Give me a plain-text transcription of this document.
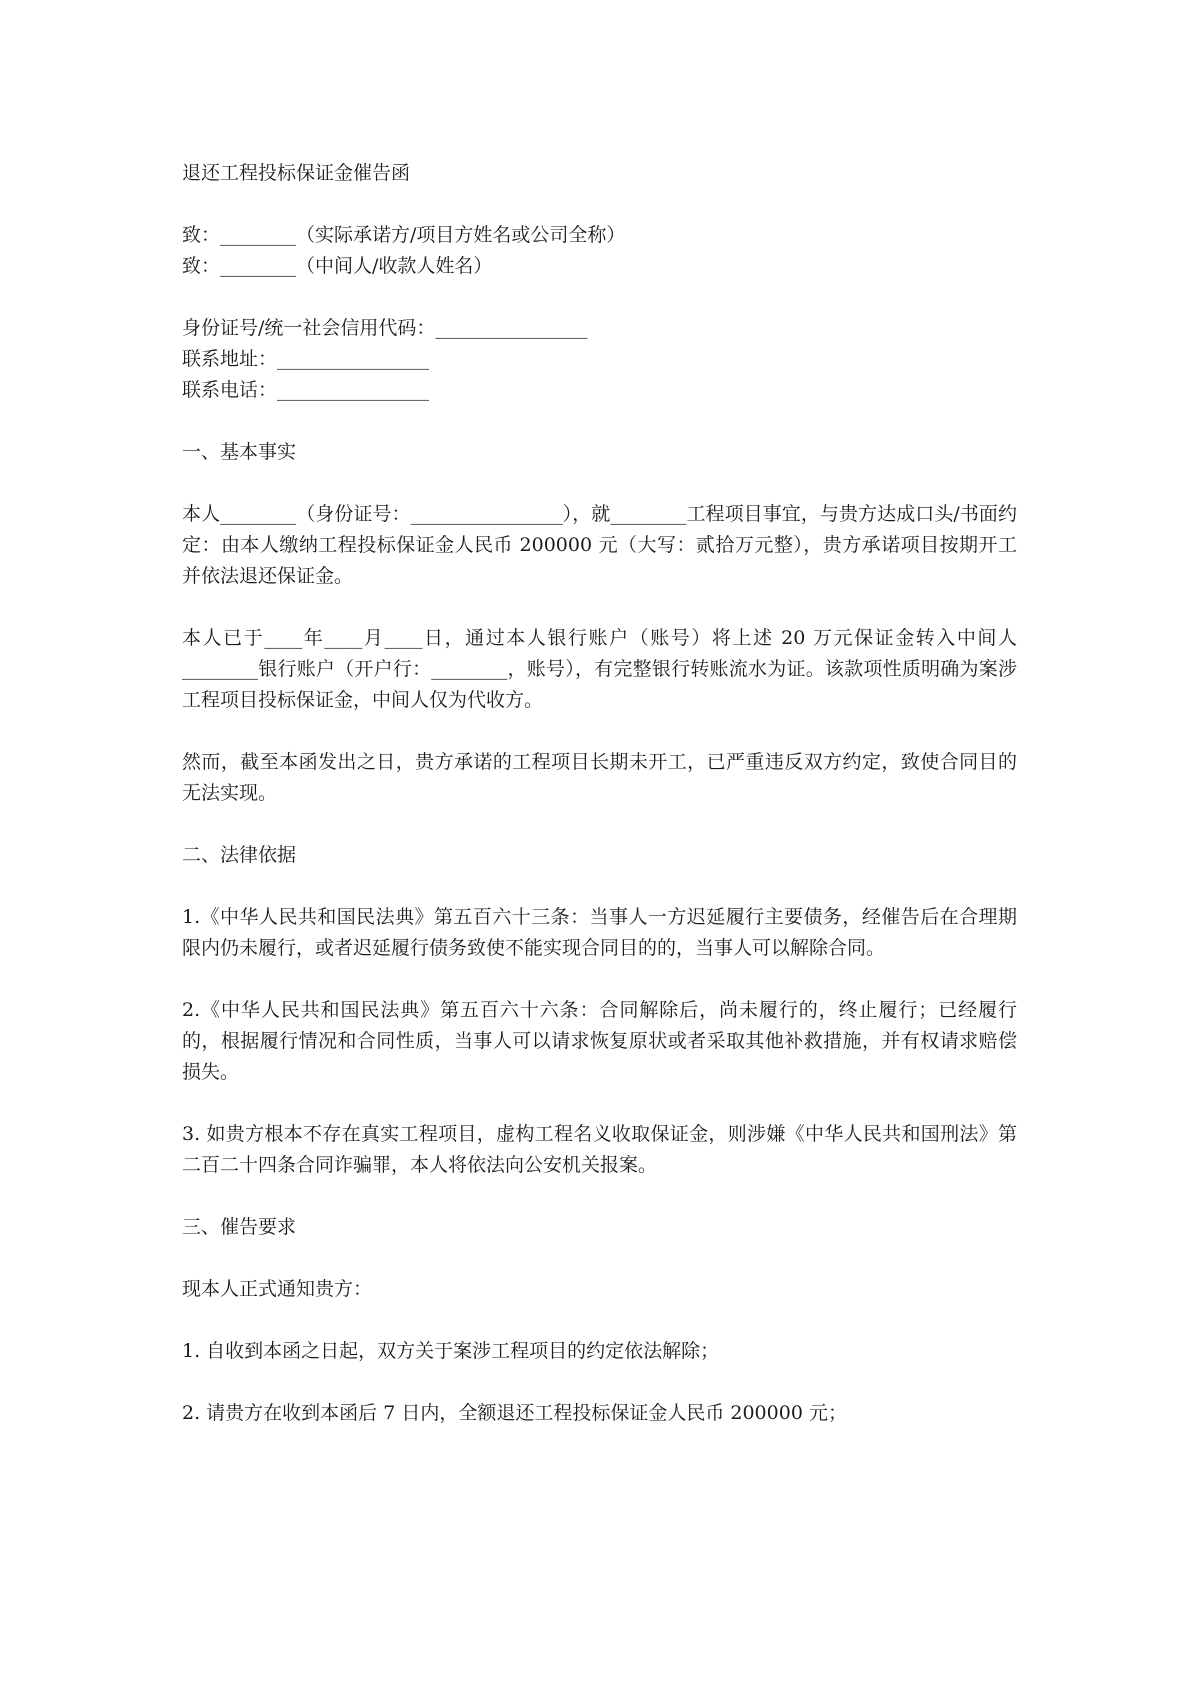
退还工程投标保证金催告函
致：________（实际承诺方/项目方姓名或公司全称）
致：________（中间人/收款人姓名）
身份证号/统一社会信用代码：________________
联系地址：________________
联系电话：________________
一、基本事实

本人________（身份证号：________________），就________工程项目事宜，与贵方达成口头/书面约定：由本人缴纳工程投标保证金人民币 200000 元（大写：贰拾万元整），贵方承诺项目按期开工并依法退还保证金。

本人已于____年____月____日，通过本人银行账户（账号）将上述 20 万元保证金转入中间人________银行账户（开户行：________，账号），有完整银行转账流水为证。该款项性质明确为案涉工程项目投标保证金，中间人仅为代收方。

然而，截至本函发出之日，贵方承诺的工程项目长期未开工，已严重违反双方约定，致使合同目的无法实现。

二、法律依据

1.《中华人民共和国民法典》第五百六十三条：当事人一方迟延履行主要债务，经催告后在合理期限内仍未履行，或者迟延履行债务致使不能实现合同目的的，当事人可以解除合同。

2.《中华人民共和国民法典》第五百六十六条：合同解除后，尚未履行的，终止履行；已经履行的，根据履行情况和合同性质，当事人可以请求恢复原状或者采取其他补救措施，并有权请求赔偿损失。

3. 如贵方根本不存在真实工程项目，虚构工程名义收取保证金，则涉嫌《中华人民共和国刑法》第二百二十四条合同诈骗罪，本人将依法向公安机关报案。

三、催告要求

现本人正式通知贵方：

1. 自收到本函之日起，双方关于案涉工程项目的约定依法解除；

2. 请贵方在收到本函后 7 日内，全额退还工程投标保证金人民币 200000 元；
